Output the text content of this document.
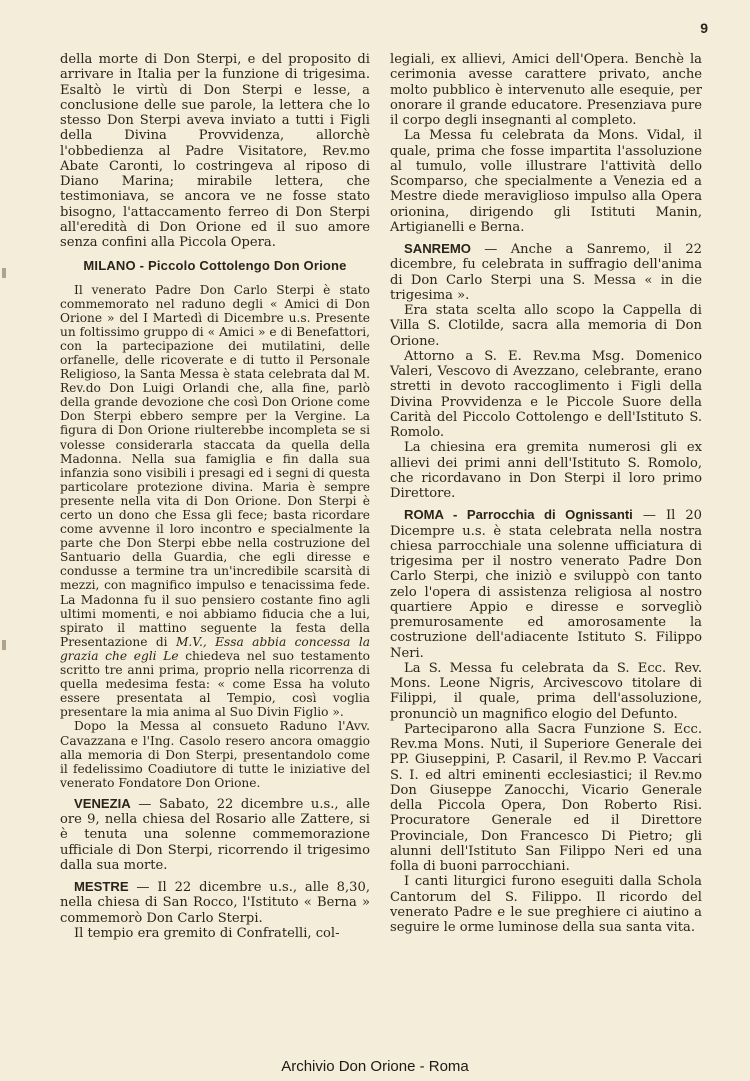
9

della morte di Don Sterpi, e del proposito di arrivare in Italia per la funzione di trigesima. Esaltò le virtù di Don Sterpi e lesse, a conclusione delle sue parole, la lettera che lo stesso Don Sterpi aveva inviato a tutti i Figli della Divina Provvidenza, allorchè l'obbedienza al Padre Visitatore, Rev.mo Abate Caronti, lo costringeva al riposo di Diano Marina; mirabile lettera, che testimoniava, se ancora ve ne fosse stato bisogno, l'attaccamento ferreo di Don Sterpi all'eredità di Don Orione ed il suo amore senza confini alla Piccola Opera.

MILANO - Piccolo Cottolengo Don Orione

Il venerato Padre Don Carlo Sterpi è stato commemorato nel raduno degli « Amici di Don Orione » del I Martedì di Dicembre u.s. Presente un foltissimo gruppo di « Amici » e di Benefattori, con la partecipazione dei mutilatini, delle orfanelle, delle ricoverate e di tutto il Personale Religioso, la Santa Messa è stata celebrata dal M. Rev.do Don Luigi Orlandi che, alla fine, parlò della grande devozione che così Don Orione come Don Sterpi ebbero sempre per la Vergine. La figura di Don Orione riulterebbe incompleta se si volesse considerarla staccata da quella della Madonna. Nella sua famiglia e fin dalla sua infanzia sono visibili i presagi ed i segni di questa particolare protezione divina. Maria è sempre presente nella vita di Don Orione. Don Sterpi è certo un dono che Essa gli fece; basta ricordare come avvenne il loro incontro e specialmente la parte che Don Sterpi ebbe nella costruzione del Santuario della Guardia, che egli diresse e condusse a termine tra un'incredibile scarsità di mezzi, con magnifico impulso e tenacissima fede. La Madonna fu il suo pensiero costante fino agli ultimi momenti, e noi abbiamo fiducia che a lui, spirato il mattino seguente la festa della Presentazione di M.V., Essa abbia concessa la grazia che egli Le chiedeva nel suo testamento scritto tre anni prima, proprio nella ricorrenza di quella medesima festa: « come Essa ha voluto essere presentata al Tempio, così voglia presentare la mia anima al Suo Divin Figlio ».

Dopo la Messa al consueto Raduno l'Avv. Cavazzana e l'Ing. Casolo resero ancora omaggio alla memoria di Don Sterpi, presentandolo come il fedelissimo Coadiutore di tutte le iniziative del venerato Fondatore Don Orione.

VENEZIA — Sabato, 22 dicembre u.s., alle ore 9, nella chiesa del Rosario alle Zattere, si è tenuta una solenne commemorazione ufficiale di Don Sterpi, ricorrendo il trigesimo dalla sua morte.

MESTRE — Il 22 dicembre u.s., alle 8,30, nella chiesa di San Rocco, l'Istituto « Berna » commemorò Don Carlo Sterpi.

Il tempio era gremito di Confratelli, col-

legiali, ex allievi, Amici dell'Opera. Benchè la cerimonia avesse carattere privato, anche molto pubblico è intervenuto alle esequie, per onorare il grande educatore. Presenziava pure il corpo degli insegnanti al completo.

La Messa fu celebrata da Mons. Vidal, il quale, prima che fosse impartita l'assoluzione al tumulo, volle illustrare l'attività dello Scomparso, che specialmente a Venezia ed a Mestre diede meraviglioso impulso alla Opera orionina, dirigendo gli Istituti Manin, Artigianelli e Berna.

SANREMO — Anche a Sanremo, il 22 dicembre, fu celebrata in suffragio dell'anima di Don Carlo Sterpi una S. Messa « in die trigesima ».

Era stata scelta allo scopo la Cappella di Villa S. Clotilde, sacra alla memoria di Don Orione.

Attorno a S. E. Rev.ma Msg. Domenico Valeri, Vescovo di Avezzano, celebrante, erano stretti in devoto raccoglimento i Figli della Divina Provvidenza e le Piccole Suore della Carità del Piccolo Cottolengo e dell'Istituto S. Romolo.

La chiesina era gremita numerosi gli ex allievi dei primi anni dell'Istituto S. Romolo, che ricordavano in Don Sterpi il loro primo Direttore.

ROMA - Parrocchia di Ognissanti — Il 20 Dicempre u.s. è stata celebrata nella nostra chiesa parrocchiale una solenne ufficiatura di trigesima per il nostro venerato Padre Don Carlo Sterpi, che iniziò e sviluppò con tanto zelo l'opera di assistenza religiosa al nostro quartiere Appio e diresse e sorvegliò premurosamente ed amorosamente la costruzione dell'adiacente Istituto S. Filippo Neri.

La S. Messa fu celebrata da S. Ecc. Rev. Mons. Leone Nigris, Arcivescovo titolare di Filippi, il quale, prima dell'assoluzione, pronunciò un magnifico elogio del Defunto.

Parteciparono alla Sacra Funzione S. Ecc. Rev.ma Mons. Nuti, il Superiore Generale dei PP. Giuseppini, P. Casaril, il Rev.mo P. Vaccari S. I. ed altri eminenti ecclesiastici; il Rev.mo Don Giuseppe Zanocchi, Vicario Generale della Piccola Opera, Don Roberto Risi. Procuratore Generale ed il Direttore Provinciale, Don Francesco Di Pietro; gli alunni dell'Istituto San Filippo Neri ed una folla di buoni parrocchiani.

I canti liturgici furono eseguiti dalla Schola Cantorum del S. Filippo. Il ricordo del venerato Padre e le sue preghiere ci aiutino a seguire le orme luminose della sua santa vita.

Archivio Don Orione - Roma
